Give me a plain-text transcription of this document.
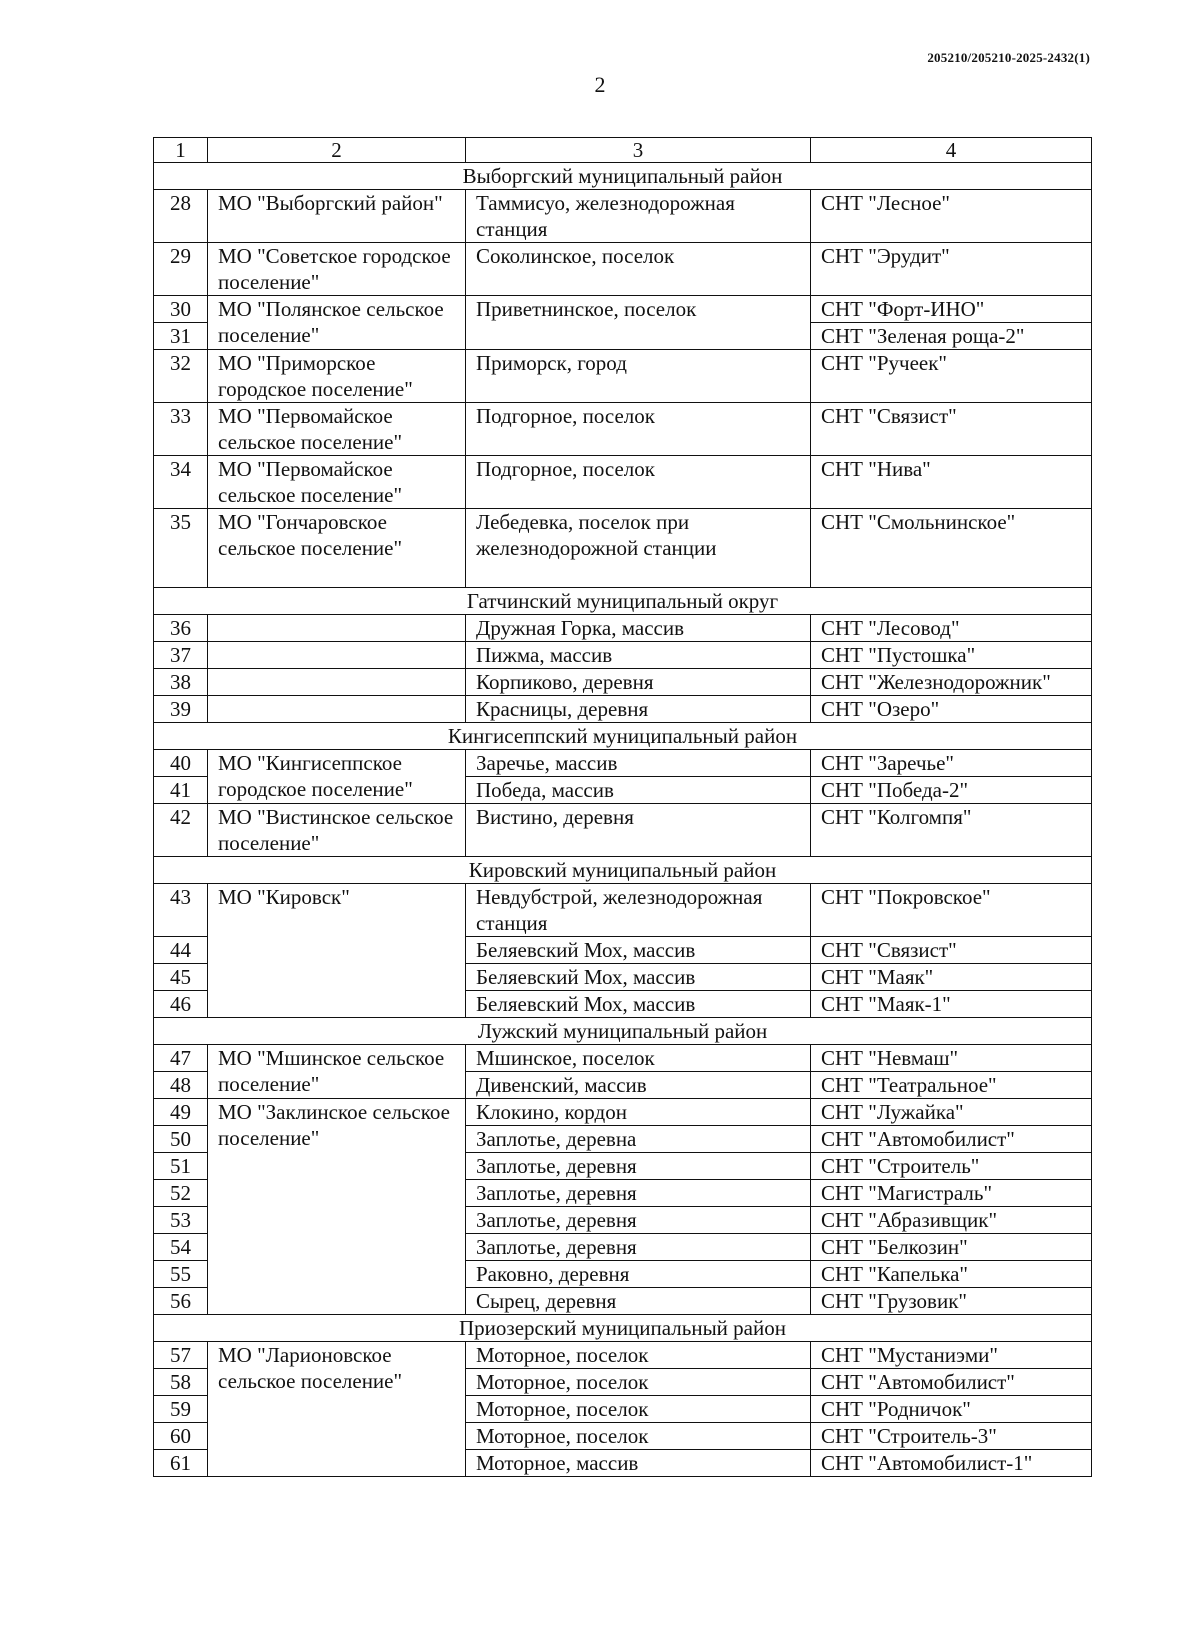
205210/205210-2025-2432(1)
2
1	2	3	4
Выборгский муниципальный район			
28	МО "Выборгский район"	Таммисуо, железнодорожная станция	СНТ "Лесное"
29	МО "Советское городское поселение"	Соколинское, поселок	СНТ "Эрудит"
30	МО "Полянское сельское поселение"	Приветнинское, поселок	СНТ "Форт-ИНО"
31			СНТ "Зеленая роща-2"
32	МО "Приморское городское поселение"	Приморск, город	СНТ "Ручеек"
33	МО "Первомайское сельское поселение"	Подгорное, поселок	СНТ "Связист"
34	МО "Первомайское сельское поселение"	Подгорное, поселок	СНТ "Нива"
35	МО "Гончаровское сельское поселение"	Лебедевка, поселок при железнодорожной станции	СНТ "Смольнинское"
Гатчинский муниципальный округ			
36		Дружная Горка, массив	СНТ "Лесовод"
37		Пижма, массив	СНТ "Пустошка"
38		Корпиково, деревня	СНТ "Железнодорожник"
39		Красницы, деревня	СНТ "Озеро"
Кингисеппский муниципальный район			
40	МО "Кингисеппское городское поселение"	Заречье, массив	СНТ "Заречье"
41		Победа, массив	СНТ "Победа-2"
42	МО "Вистинское сельское поселение"	Вистино, деревня	СНТ "Колгомпя"
Кировский муниципальный район			
43	МО "Кировск"	Невдубстрой, железнодорожная станция	СНТ "Покровское"
44		Беляевский Мох, массив	СНТ "Связист"
45		Беляевский Мох, массив	СНТ "Маяк"
46		Беляевский Мох, массив	СНТ "Маяк-1"
Лужский муниципальный район			
47	МО "Мшинское сельское поселение"	Мшинское, поселок	СНТ "Невмаш"
48		Дивенский, массив	СНТ "Театральное"
49	МО "Заклинское сельское поселение"	Клокино, кордон	СНТ "Лужайка"
50		Заплотье, деревна	СНТ "Автомобилист"
51		Заплотье, деревня	СНТ "Строитель"
52		Заплотье, деревня	СНТ "Магистраль"
53		Заплотье, деревня	СНТ "Абразивщик"
54		Заплотье, деревня	СНТ "Белкозин"
55		Раковно, деревня	СНТ "Капелька"
56		Сырец, деревня	СНТ "Грузовик"
Приозерский муниципальный район			
57	МО "Ларионовское сельское поселение"	Моторное, поселок	СНТ "Мустаниэми"
58		Моторное, поселок	СНТ "Автомобилист"
59		Моторное, поселок	СНТ "Родничок"
60		Моторное, поселок	СНТ "Строитель-3"
61		Моторное, массив	СНТ "Автомобилист-1"
